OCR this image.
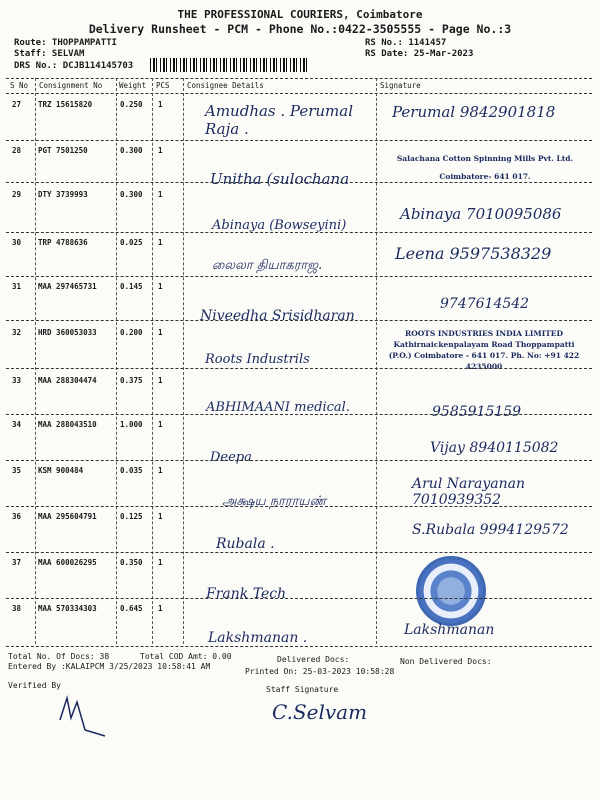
THE PROFESSIONAL COURIERS, Coimbatore
Delivery Runsheet - PCM - Phone No.:0422-3505555 - Page No.:3
Route: THOPPAMPATTI
Staff: SELVAM
DRS No.: DCJB114145703
RS No.: 1141457
RS Date: 25-Mar-2023
S No Consignment No Weight PCS Consignee Details	Signature
27 TRZ 15615820	0.250 1	Amudhas . Perumal Raja .
Perumal 9842901818
28 PGT 7501250	0.300 1
Unitha (sulochana
Salachana Cotton Spinning Mills Pvt. Ltd. Coimbatore- 641 017.
29 DTY 3739993	0.300 1
Abinaya (Bowseyini)
Abinaya 7010095086
30 TRP 4788636	0.025 1
லைலா தியாகராஜ.
Leena 9597538329
31 MAA 297465731	0.145 1
Niveedha Srisidharan
9747614542
32 HRD 360053033	0.200 1
Roots Industrils
ROOTS INDUSTRIES INDIA LIMITED Kathirnaickenpalayam Road Thoppampatti (P.O.) Coimbatore - 641 017. Ph. No: +91 422 4235000
33 MAA 288304474	0.375 1
ABHIMAANI medical.	9585915159
34 MAA 288043510	1.000 1
Deepa
Vijay 8940115082
35 KSM 900484	0.035 1
அக்ஷய நாராயண்
Arul Narayanan 7010939352
36 MAA 295604791	0.125 1
Rubala .
S.Rubala 9994129572
37 MAA 600026295	0.350 1
Frank Tech
38 MAA 570334303	0.645 1
Lakshmanan .	Lakshmanan
Total No. Of Docs: 38	Total COD Amt: 0.00	Delivered Docs:	Non Delivered Docs:
Entered By :KALAIPCM 3/25/2023 10:58:41 AM
Printed On: 25-03-2023 10:58:28
Verified By	Staff Signature
C.Selvam
